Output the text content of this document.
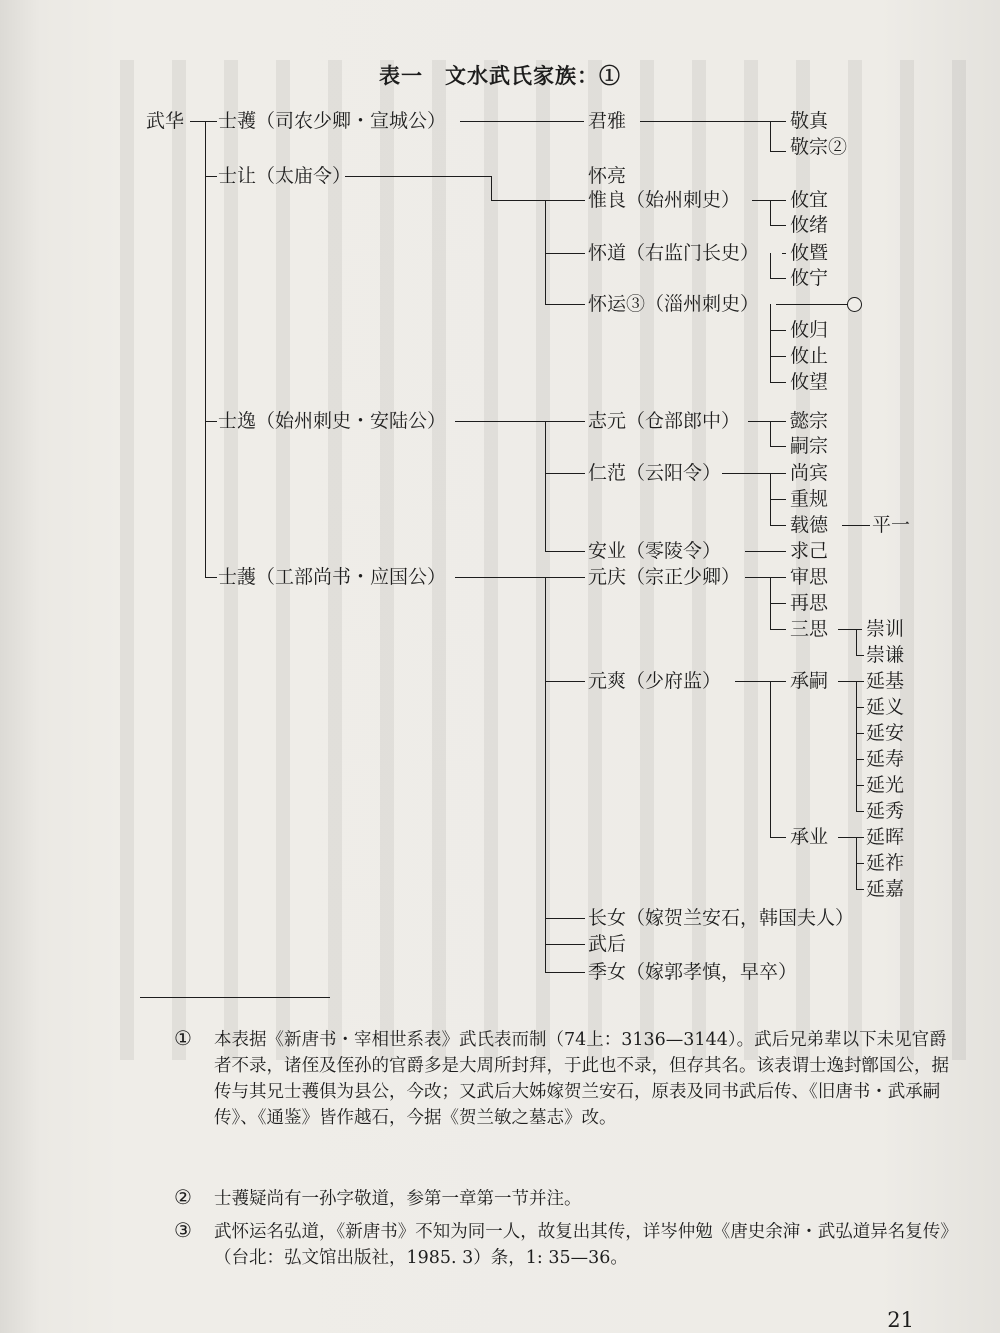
表一　文水武氏家族：①
武华 士彟（司农少卿・宣城公）
士让（太庙令）
士逸（始州刺史・安陆公）
士䕶（工部尚书・应国公）
君雅
怀亮
惟良（始州刺史）
怀道（右监门长史）
怀运③（淄州刺史）
志元（仓部郎中）
仁范（云阳令）
安业（零陵令）
元庆（宗正少卿）
元爽（少府监）
长女（嫁贺兰安石，韩国夫人）
武后
季女（嫁郭孝慎，早卒）
敬真
敬宗②
攸宜
攸绪
攸暨
攸宁
攸归
攸止
攸望
懿宗
嗣宗
尚宾
重规
载德
求己
审思
再思
三思
承嗣
承业
平一
崇训
崇谦
延基
延义
延安
延寿
延光
延秀
延晖
延祚
延嘉
① 本表据《新唐书・宰相世系表》武氏表而制（74上：3136—3144）。武后兄弟辈以下未见官爵者不录，诸侄及侄孙的官爵多是大周所封拜，于此也不录，但存其名。该表谓士逸封鄫国公，据传与其兄士彟俱为县公，今改；又武后大姊嫁贺兰安石，原表及同书武后传、《旧唐书・武承嗣传》、《通鉴》皆作越石，今据《贺兰敏之墓志》改。
② 士彟疑尚有一孙字敬道，参第一章第一节并注。
③ 武怀运名弘道，《新唐书》不知为同一人，故复出其传，详岑仲勉《唐史余渖・武弘道异名复传》（台北：弘文馆出版社，1985. 3）条，1: 35—36。
21
